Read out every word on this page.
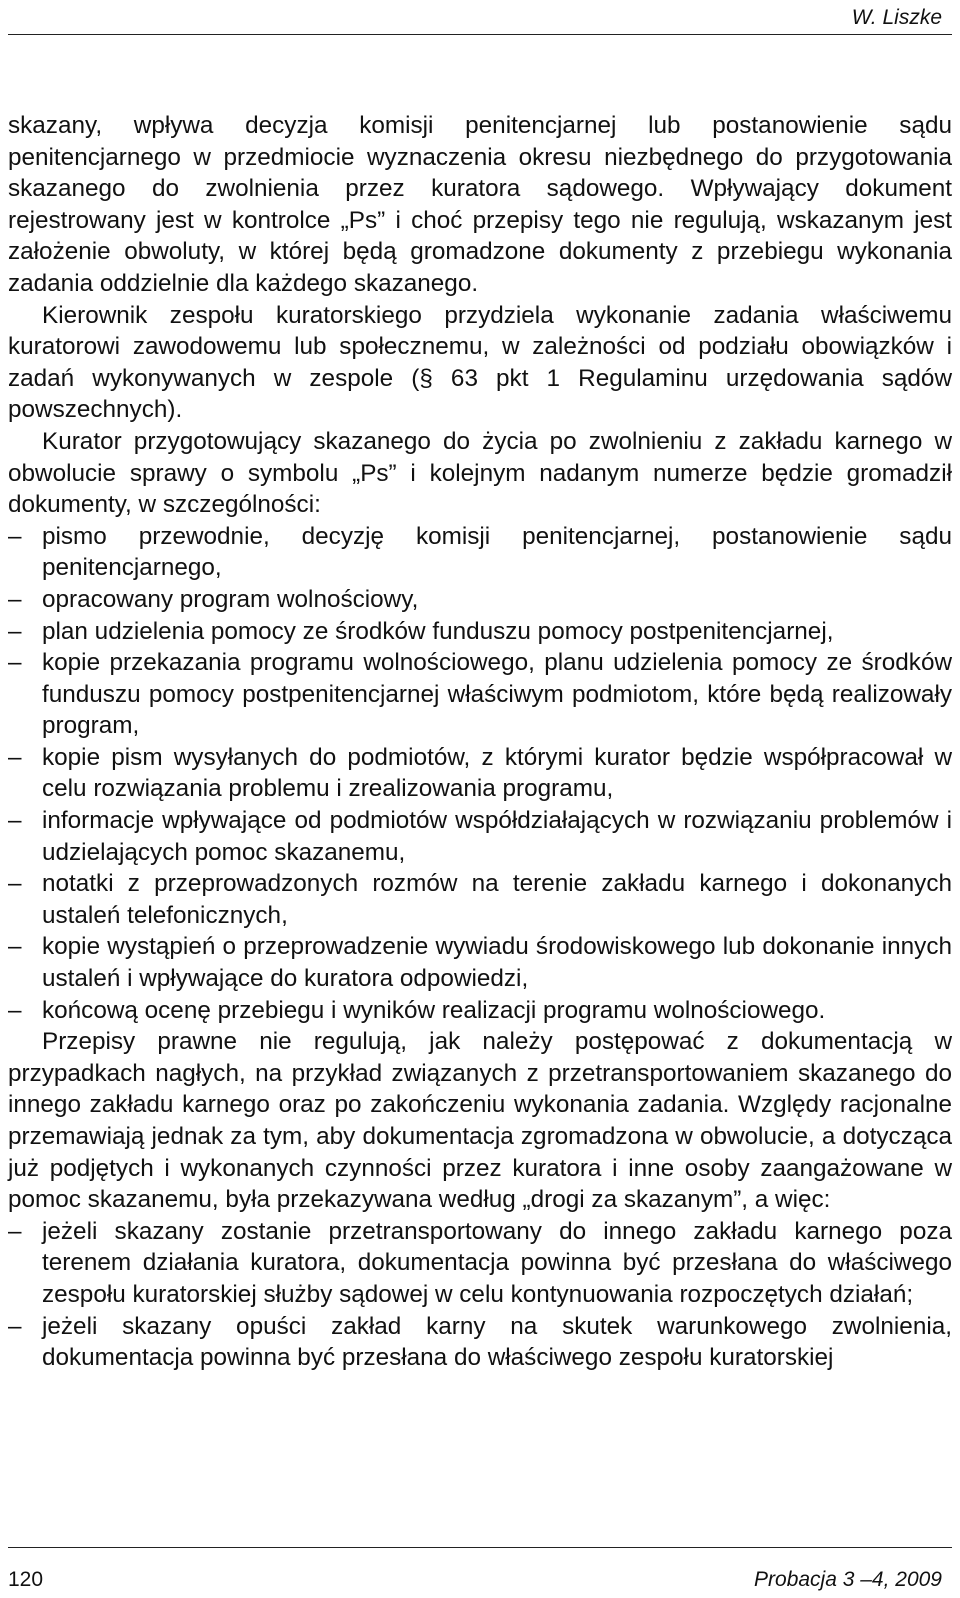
W. Liszke

skazany, wpływa decyzja komisji penitencjarnej lub postanowienie sądu penitencjarnego w przedmiocie wyznaczenia okresu niezbędnego do przygotowania skazanego do zwolnienia przez kuratora sądowego. Wpływający dokument rejestrowany jest w kontrolce „Ps” i choć przepisy tego nie regulują, wskazanym jest założenie obwoluty, w której będą gromadzone dokumenty z przebiegu wykonania zadania oddzielnie dla każdego skazanego.

Kierownik zespołu kuratorskiego przydziela wykonanie zadania właściwemu kuratorowi zawodowemu lub społecznemu, w zależności od podziału obowiązków i zadań wykonywanych w zespole (§ 63 pkt 1 Regulaminu urzędowania sądów powszechnych).

Kurator przygotowujący skazanego do życia po zwolnieniu z zakładu karnego w obwolucie sprawy o symbolu „Ps” i kolejnym nadanym numerze będzie gromadził dokumenty, w szczególności:

– pismo przewodnie, decyzję komisji penitencjarnej, postanowienie sądu penitencjarnego,
– opracowany program wolnościowy,
– plan udzielenia pomocy ze środków funduszu pomocy postpenitencjarnej,
– kopie przekazania programu wolnościowego, planu udzielenia pomocy ze środków funduszu pomocy postpenitencjarnej właściwym podmiotom, które będą realizowały program,
– kopie pism wysyłanych do podmiotów, z którymi kurator będzie współpracował w celu rozwiązania problemu i zrealizowania programu,
– informacje wpływające od podmiotów współdziałających w rozwiązaniu problemów i udzielających pomoc skazanemu,
– notatki z przeprowadzonych rozmów na terenie zakładu karnego i dokonanych ustaleń telefonicznych,
– kopie wystąpień o przeprowadzenie wywiadu środowiskowego lub dokonanie innych ustaleń i wpływające do kuratora odpowiedzi,
– końcową ocenę przebiegu i wyników realizacji programu wolnościowego.

Przepisy prawne nie regulują, jak należy postępować z dokumentacją w przypadkach nagłych, na przykład związanych z przetransportowaniem skazanego do innego zakładu karnego oraz po zakończeniu wykonania zadania. Względy racjonalne przemawiają jednak za tym, aby dokumentacja zgromadzona w obwolucie, a dotycząca już podjętych i wykonanych czynności przez kuratora i inne osoby zaangażowane w pomoc skazanemu, była przekazywana według „drogi za skazanym”, a więc:

– jeżeli skazany zostanie przetransportowany do innego zakładu karnego poza terenem działania kuratora, dokumentacja powinna być przesłana do właściwego zespołu kuratorskiej służby sądowej w celu kontynuowania rozpoczętych działań;
– jeżeli skazany opuści zakład karny na skutek warunkowego zwolnienia, dokumentacja powinna być przesłana do właściwego zespołu kuratorskiej
120	Probacja 3 –4, 2009
